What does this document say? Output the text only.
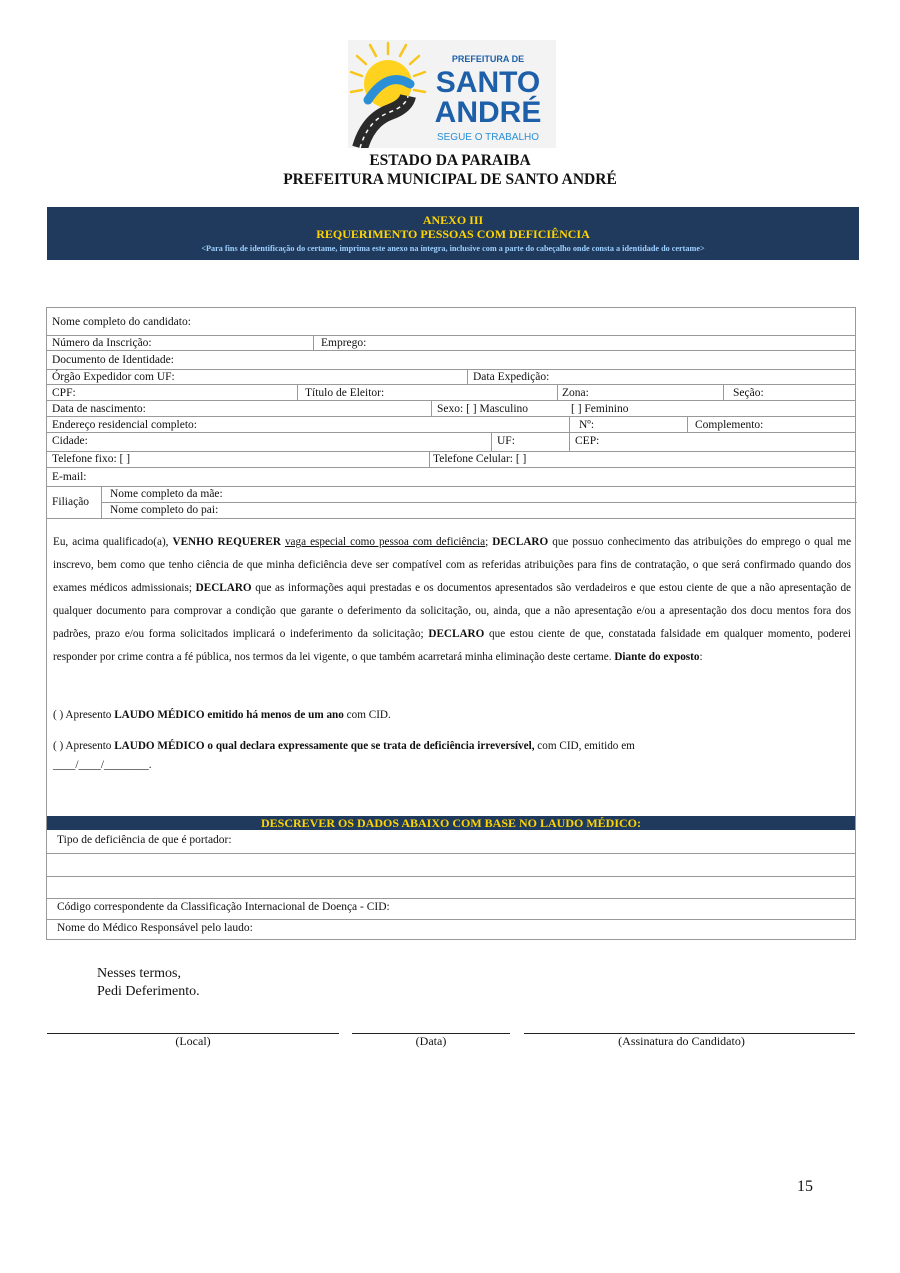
PREFEITURA DE
SANTO
ANDRÉ
SEGUE O TRABALHO
ESTADO DA PARAIBA
PREFEITURA MUNICIPAL DE SANTO ANDRÉ
ANEXO III
REQUERIMENTO PESSOAS COM DEFICIÊNCIA
<Para fins de identificação do certame, imprima este anexo na íntegra, inclusive com a parte do cabeçalho onde consta a identidade do certame>
Nome completo do candidato:
Número da Inscrição:	Emprego:
Documento de Identidade:
Órgão Expedidor com UF:	Data Expedição:
CPF:	Título de Eleitor:	Zona:	Seção:
Data de nascimento:	Sexo: [ ] Masculino	[ ] Feminino
Endereço residencial completo:	Nº:	Complemento:
Cidade:	UF:	CEP:
Telefone fixo: [ ]	Telefone Celular: [ ]
E-mail:
Filiação
Nome completo da mãe:
Nome completo do pai:
Eu, acima qualificado(a), VENHO REQUERER vaga especial como pessoa com deficiência; DECLARO que possuo conhecimento das atribuições do emprego o qual me inscrevo, bem como que tenho ciência de que minha deficiência deve ser compatível com as referidas atribuições para fins de contratação, o que será confirmado quando dos exames médicos admissionais; DECLARO que as informações aqui prestadas e os documentos apresentados são verdadeiros e que estou ciente de que a não apresentação de qualquer documento para comprovar a condição que garante o deferimento da solicitação, ou, ainda, que a não apresentação e/ou a apresentação dos docu mentos fora dos padrões, prazo e/ou forma solicitados implicará o indeferimento da solicitação; DECLARO que estou ciente de que, constatada falsidade em qualquer momento, poderei responder por crime contra a fé pública, nos termos da lei vigente, o que também acarretará minha eliminação deste certame. Diante do exposto:
( ) Apresento LAUDO MÉDICO emitido há menos de um ano com CID.
( ) Apresento LAUDO MÉDICO o qual declara expressamente que se trata de deficiência irreversível, com CID, emitido em
____/____/________.
DESCREVER OS DADOS ABAIXO COM BASE NO LAUDO MÉDICO:
Tipo de deficiência de que é portador:
Código correspondente da Classificação Internacional de Doença - CID:
Nome do Médico Responsável pelo laudo:
Nesses termos,
Pedi Deferimento.
(Local)	(Data)	(Assinatura do Candidato)
15
